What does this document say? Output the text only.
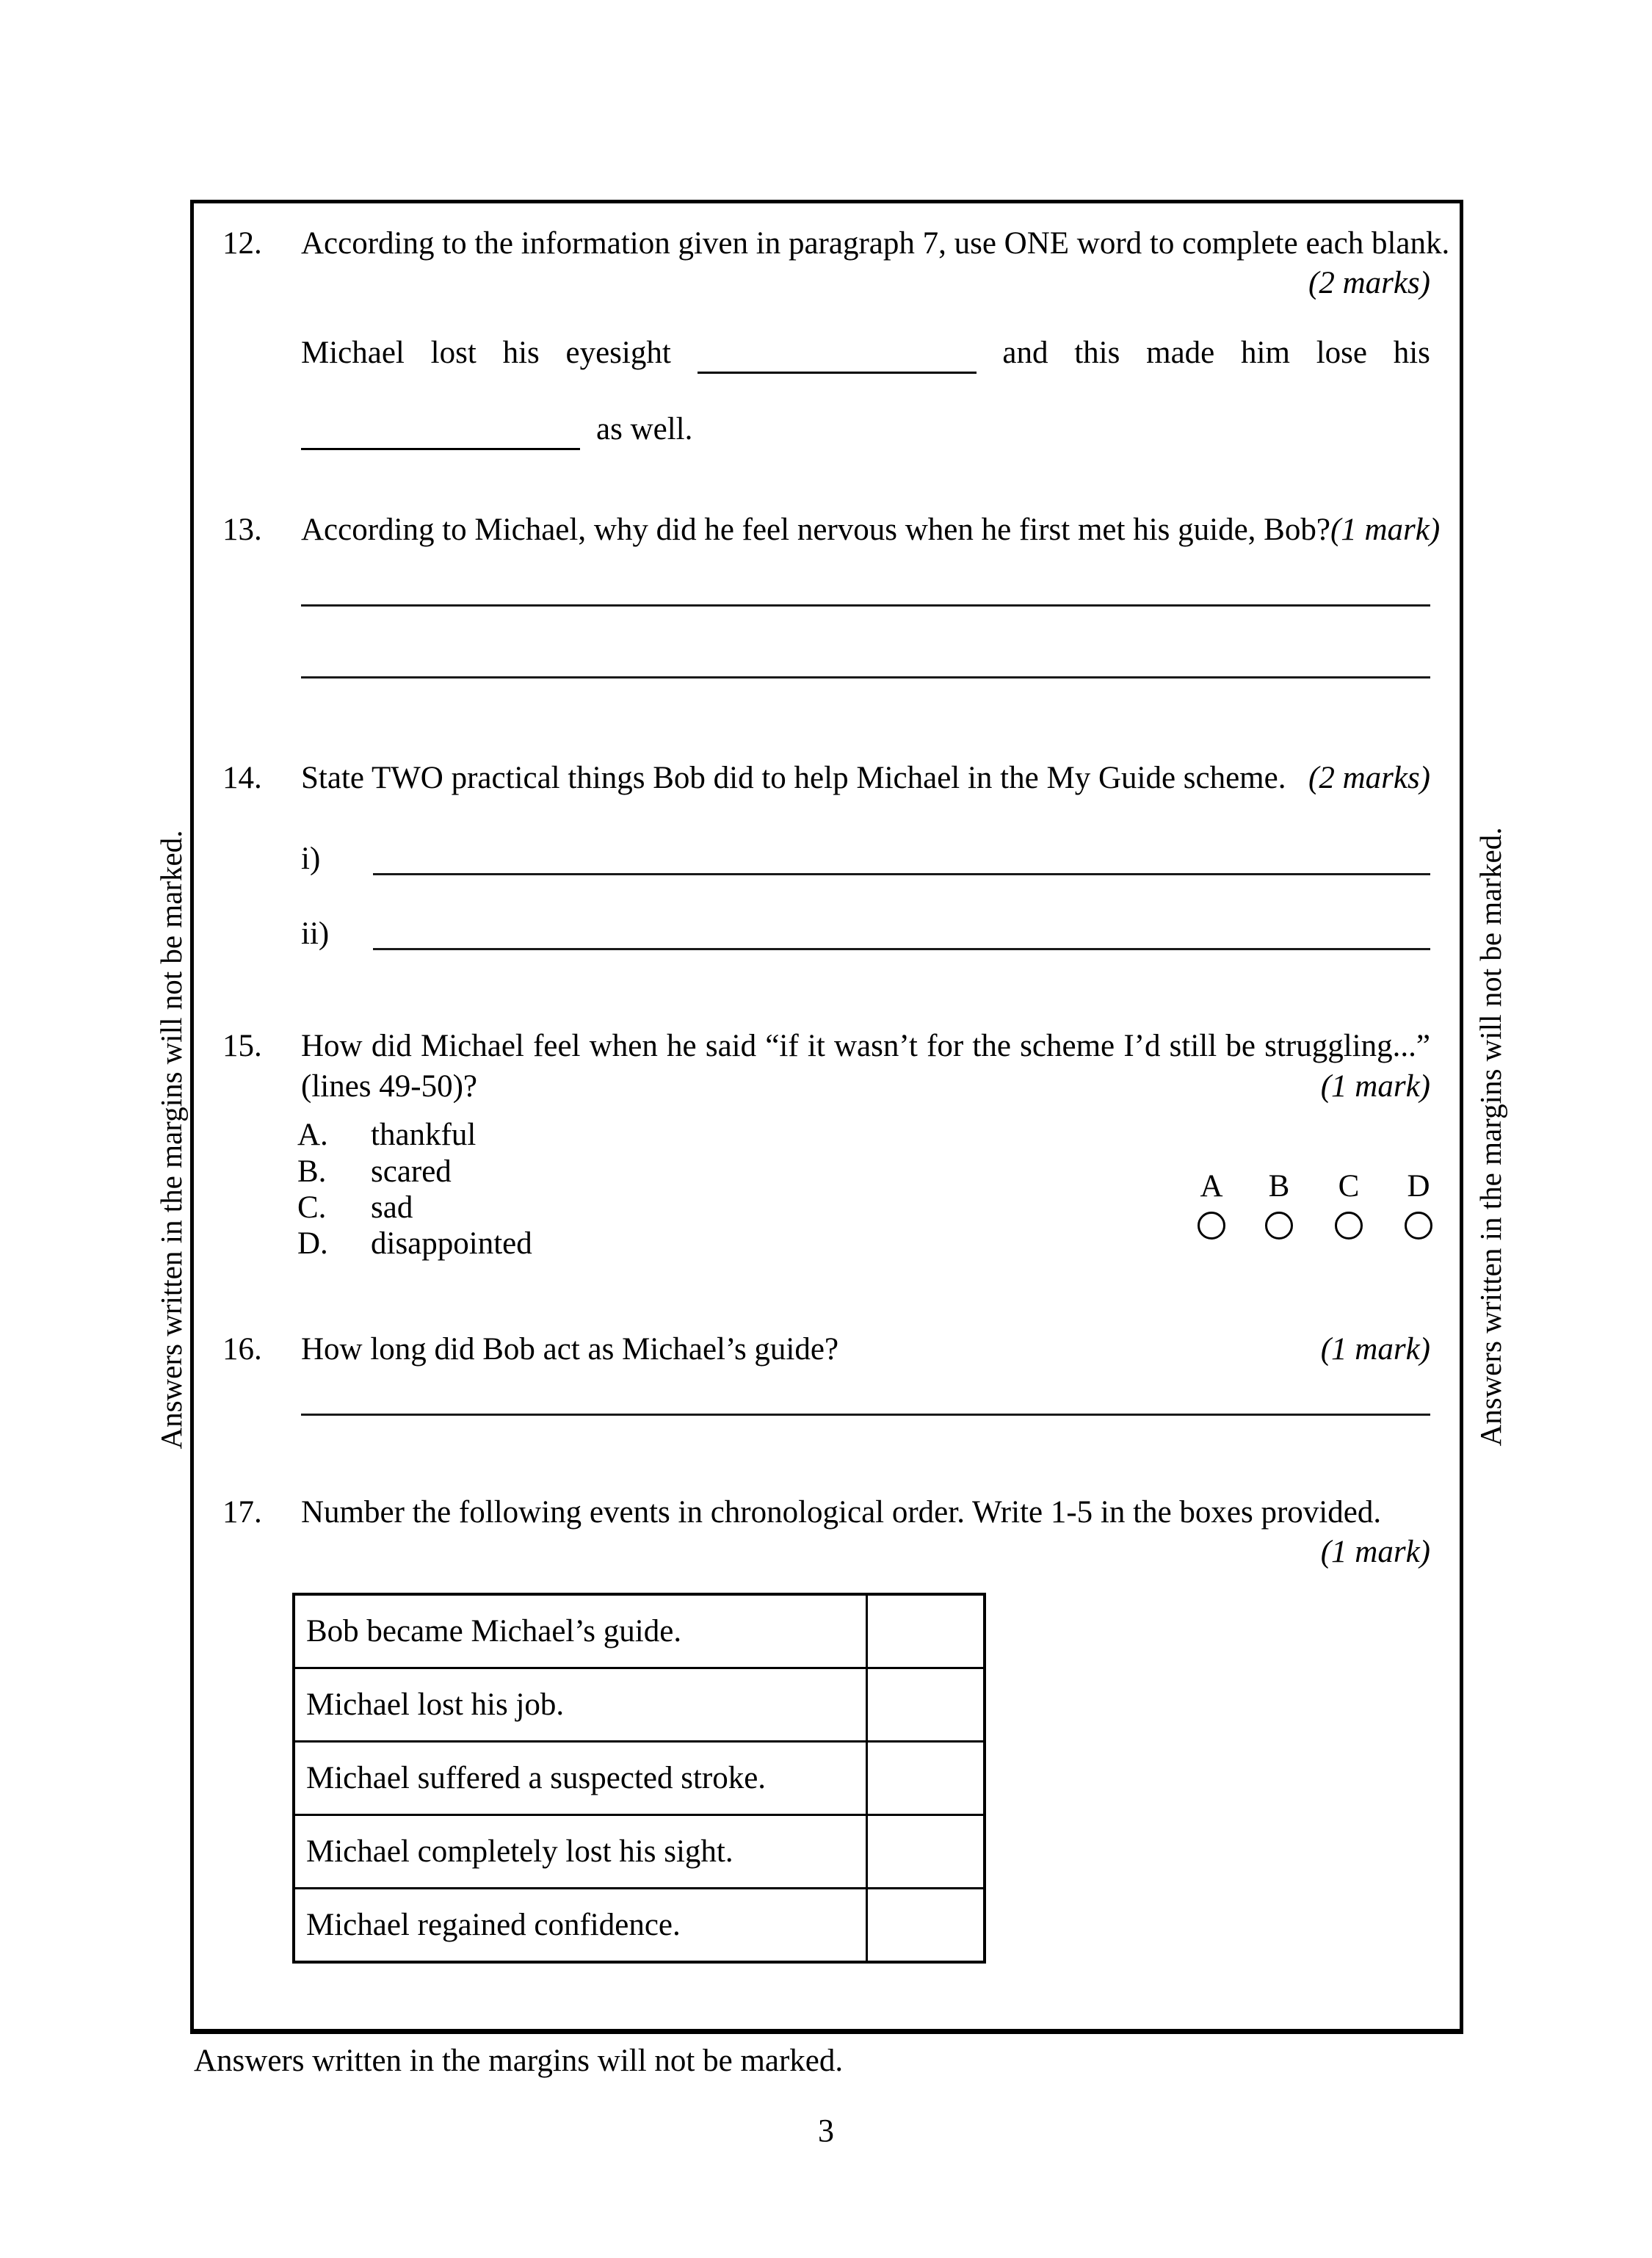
Answers written in the margins will not be marked.	Answers written in the margins will not be marked.
12.	According to the information given in paragraph 7, use ONE word to complete each blank.
(2 marks)
Michael lost his eyesight	and this made him lose his
as well.
13.	According to Michael, why did he feel nervous when he first met his guide, Bob? (1 mark)
14.	State TWO practical things Bob did to help Michael in the My Guide scheme. (2 marks)
i)
ii)
15.	How did Michael feel when he said “if it wasn’t for the scheme I’d still be struggling...”
(lines 49-50)?	(1 mark)
A.	thankful
B.	scared
C.	sad
D.	disappointed
A	B	C	D
16.	How long did Bob act as Michael’s guide?	(1 mark)
17.	Number the following events in chronological order. Write 1-5 in the boxes provided.
(1 mark)
Bob became Michael’s guide.	
Michael lost his job.	
Michael suffered a suspected stroke.	
Michael completely lost his sight.	
Michael regained confidence.	
Answers written in the margins will not be marked.
3
